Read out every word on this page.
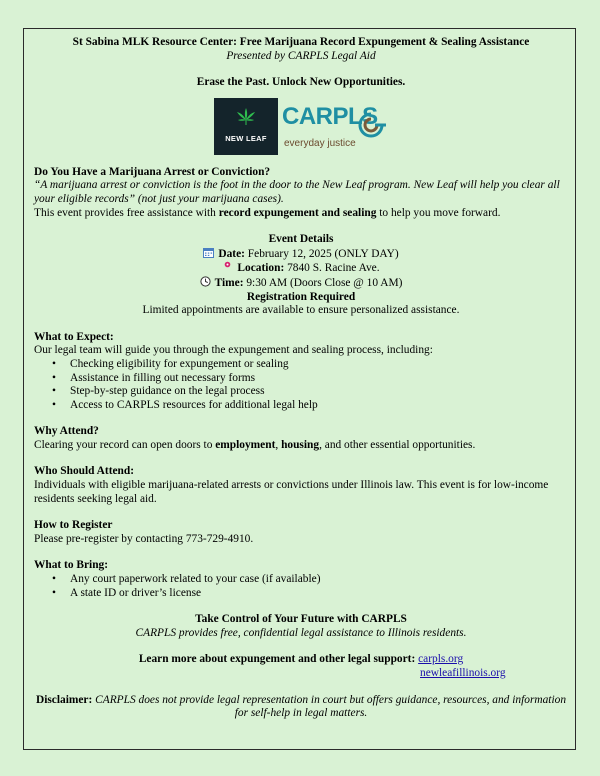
St Sabina MLK Resource Center: Free Marijuana Record Expungement & Sealing Assistance

Presented by CARPLS Legal Aid

Erase the Past. Unlock New Opportunities.

NEW LEAF
CARPLS
everyday justice

Do You Have a Marijuana Arrest or Conviction?

“A marijuana arrest or conviction is the foot in the door to the New Leaf program. New Leaf will help you clear all your eligible records” (not just your marijuana cases).

This event provides free assistance with record expungement and sealing to help you move forward.

Event Details

Date: February 12, 2025 (ONLY DAY)

Location: 7840 S. Racine Ave.

Time: 9:30 AM (Doors Close @ 10 AM)

Registration Required

Limited appointments are available to ensure personalized assistance.

What to Expect:

Our legal team will guide you through the expungement and sealing process, including:

• Checking eligibility for expungement or sealing
• Assistance in filling out necessary forms
• Step-by-step guidance on the legal process
• Access to CARPLS resources for additional legal help

Why Attend?

Clearing your record can open doors to employment, housing, and other essential opportunities.

Who Should Attend:

Individuals with eligible marijuana-related arrests or convictions under Illinois law. This event is for low-income residents seeking legal aid.

How to Register

Please pre-register by contacting 773-729-4910.

What to Bring:

• Any court paperwork related to your case (if available)
• A state ID or driver’s license

Take Control of Your Future with CARPLS

CARPLS provides free, confidential legal assistance to Illinois residents.

Learn more about expungement and other legal support: carpls.org

newleafillinois.org

Disclaimer: CARPLS does not provide legal representation in court but offers guidance, resources, and information for self-help in legal matters.
